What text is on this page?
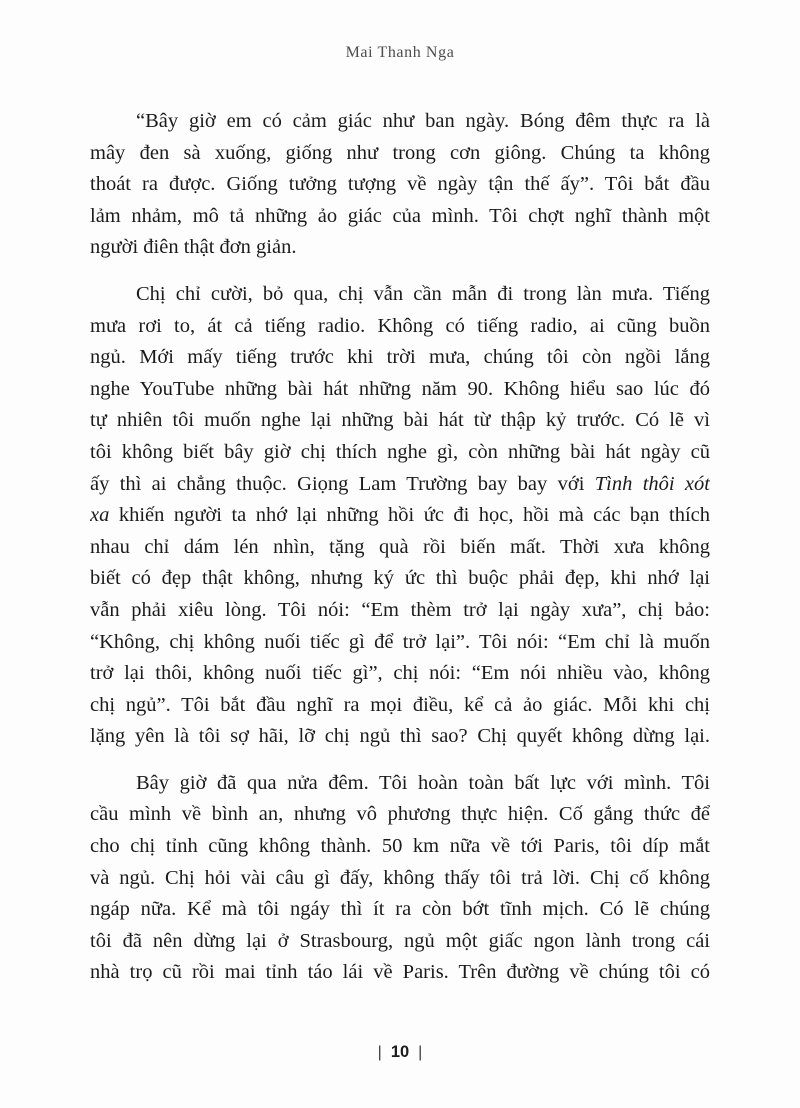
Mai Thanh Nga
“Bây giờ em có cảm giác như ban ngày. Bóng đêm thực ra là
mây đen sà xuống, giống như trong cơn giông. Chúng ta không
thoát ra được. Giống tưởng tượng về ngày tận thế ấy”. Tôi bắt đầu
lảm nhảm, mô tả những ảo giác của mình. Tôi chợt nghĩ thành một
người điên thật đơn giản.
Chị chỉ cười, bỏ qua, chị vẫn cần mẫn đi trong làn mưa. Tiếng
mưa rơi to, át cả tiếng radio. Không có tiếng radio, ai cũng buồn
ngủ. Mới mấy tiếng trước khi trời mưa, chúng tôi còn ngồi lắng
nghe YouTube những bài hát những năm 90. Không hiểu sao lúc đó
tự nhiên tôi muốn nghe lại những bài hát từ thập kỷ trước. Có lẽ vì
tôi không biết bây giờ chị thích nghe gì, còn những bài hát ngày cũ
ấy thì ai chẳng thuộc. Giọng Lam Trường bay bay với Tình thôi xót
xa khiến người ta nhớ lại những hồi ức đi học, hồi mà các bạn thích
nhau chỉ dám lén nhìn, tặng quà rồi biến mất. Thời xưa không
biết có đẹp thật không, nhưng ký ức thì buộc phải đẹp, khi nhớ lại
vẫn phải xiêu lòng. Tôi nói: “Em thèm trở lại ngày xưa”, chị bảo:
“Không, chị không nuối tiếc gì để trở lại”. Tôi nói: “Em chỉ là muốn
trở lại thôi, không nuối tiếc gì”, chị nói: “Em nói nhiều vào, không
chị ngủ”. Tôi bắt đầu nghĩ ra mọi điều, kể cả ảo giác. Mỗi khi chị
lặng yên là tôi sợ hãi, lỡ chị ngủ thì sao? Chị quyết không dừng lại.
Bây giờ đã qua nửa đêm. Tôi hoàn toàn bất lực với mình. Tôi
cầu mình về bình an, nhưng vô phương thực hiện. Cố gắng thức để
cho chị tỉnh cũng không thành. 50 km nữa về tới Paris, tôi díp mắt
và ngủ. Chị hỏi vài câu gì đấy, không thấy tôi trả lời. Chị cố không
ngáp nữa. Kể mà tôi ngáy thì ít ra còn bớt tĩnh mịch. Có lẽ chúng
tôi đã nên dừng lại ở Strasbourg, ngủ một giấc ngon lành trong cái
nhà trọ cũ rồi mai tỉnh táo lái về Paris. Trên đường về chúng tôi có
| 10 |
